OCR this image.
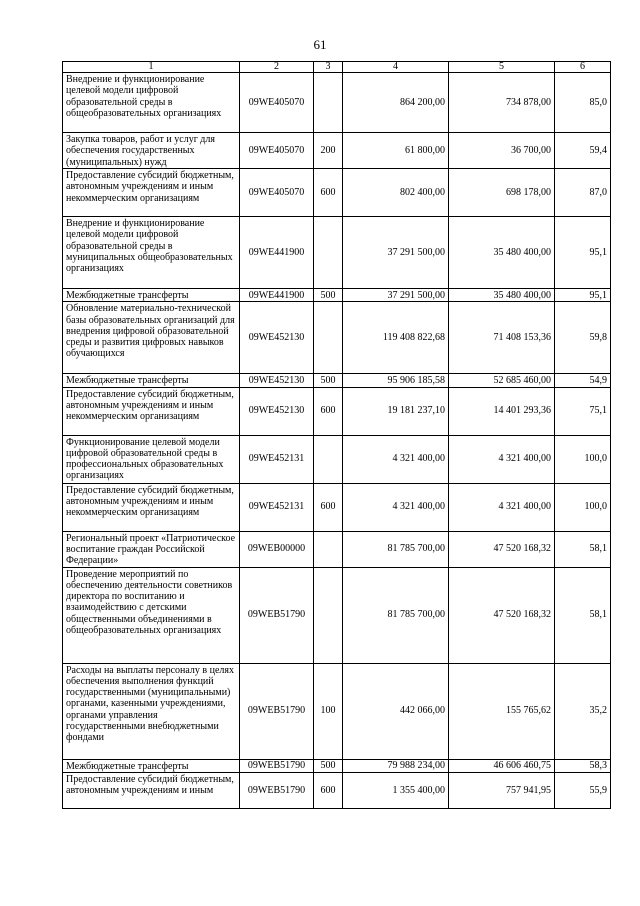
61
1	2	3	4	5	6
Внедрение и функционирование целевой модели цифровой образовательной среды в общеобразовательных организациях	09WE405070		864 200,00	734 878,00	85,0
Закупка товаров, работ и услуг для обеспечения государственных (муниципальных) нужд	09WE405070	200	61 800,00	36 700,00	59,4
Предоставление субсидий бюджетным, автономным учреждениям и иным некоммерческим организациям	09WE405070	600	802 400,00	698 178,00	87,0
Внедрение и функционирование целевой модели цифровой образовательной среды в муниципальных общеобразовательных организациях	09WE441900		37 291 500,00	35 480 400,00	95,1
Межбюджетные трансферты	09WE441900	500	37 291 500,00	35 480 400,00	95,1
Обновление материально-технической базы образовательных организаций для внедрения цифровой образовательной среды и развития цифровых навыков обучающихся	09WE452130		119 408 822,68	71 408 153,36	59,8
Межбюджетные трансферты	09WE452130	500	95 906 185,58	52 685 460,00	54,9
Предоставление субсидий бюджетным, автономным учреждениям и иным некоммерческим организациям	09WE452130	600	19 181 237,10	14 401 293,36	75,1
Функционирование целевой модели цифровой образовательной среды в профессиональных образовательных организациях	09WE452131		4 321 400,00	4 321 400,00	100,0
Предоставление субсидий бюджетным, автономным учреждениям и иным некоммерческим организациям	09WE452131	600	4 321 400,00	4 321 400,00	100,0
Региональный проект «Патриотическое воспитание граждан Российской Федерации»	09WEB00000		81 785 700,00	47 520 168,32	58,1
Проведение мероприятий по обеспечению деятельности советников директора по воспитанию и взаимодействию с детскими общественными объединениями в общеобразовательных организациях	09WEB51790		81 785 700,00	47 520 168,32	58,1
Расходы на выплаты персоналу в целях обеспечения выполнения функций государственными (муниципальными) органами, казенными учреждениями, органами управления государственными внебюджетными фондами	09WEB51790	100	442 066,00	155 765,62	35,2
Межбюджетные трансферты	09WEB51790	500	79 988 234,00	46 606 460,75	58,3
Предоставление субсидий бюджетным, автономным учреждениям и иным	09WEB51790	600	1 355 400,00	757 941,95	55,9
